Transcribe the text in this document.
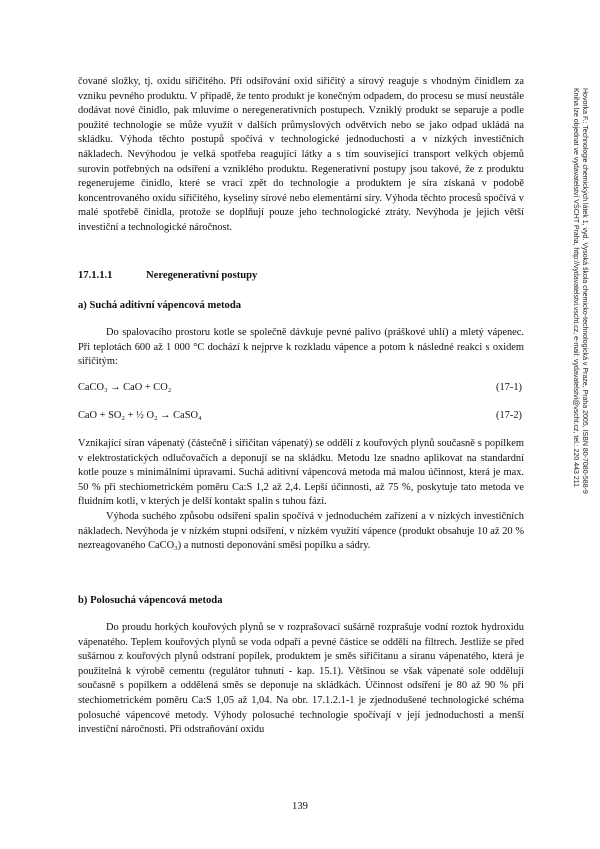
Hovorka F.: Technologie chemických látek 1, vyd. Vysoká škola chemicko-technologická v Praze, Praha 2005, ISBN 80-7080-588-9
Kniha lze objednat ve vydavatelství VŠCHT Praha, http://vydavatelstvi.vscht.cz, e-mail: vydavatelstvi@vscht.cz, tel.: 220 443 211

čované složky, tj. oxidu siřičitého. Při odsiřování oxid siřičitý a sírový reaguje s vhodným činidlem za vzniku pevného produktu. V případě, že tento produkt je konečným odpadem, do procesu se musí neustále dodávat nové činidlo, pak mluvíme o neregenerativních postupech. Vzniklý produkt se separuje a podle použité technologie se může využít v dalších průmyslových odvětvích nebo se jako odpad ukládá na skládku. Výhoda těchto postupů spočívá v technologické jednoduchosti a v nízkých investičních nákladech. Nevýhodou je velká spotřeba reagující látky a s tím související transport velkých objemů surovin potřebných na odsíření a vzniklého produktu. Regenerativní postupy jsou takové, že z produktu regenerujeme činidlo, které se vrací zpět do technologie a produktem je síra získaná v podobě koncentrovaného oxidu siřičitého, kyseliny sírové nebo elementární síry. Výhoda těchto procesů spočívá v malé spotřebě činidla, protože se doplňují pouze jeho technologické ztráty. Nevýhoda je jejich větší investiční a technologické náročnost.

17.1.1.1	Neregenerativní postupy
a) Suchá aditivní vápencová metoda

Do spalovacího prostoru kotle se společně dávkuje pevné palivo (práškové uhlí) a mletý vápenec. Při teplotách 600 až 1 000 °C dochází k nejprve k rozkladu vápence a potom k následné reakci s oxidem siřičitým:

CaCO₃ → CaO + CO₂	(17-1)
CaO + SO₂ + ½ O₂ → CaSO₄	(17-2)

Vznikající síran vápenatý (částečně i siřičitan vápenatý) se oddělí z kouřových plynů současně s popílkem v elektrostatických odlučovačích a deponují se na skládku. Metodu lze snadno aplikovat na standardní kotle pouze s minimálními úpravami. Suchá aditivní vápencová metoda má malou účinnost, která je max. 50 % při stechiometrickém poměru Ca:S 1,2 až 2,4. Lepší účinnosti, až 75 %, poskytuje tato metoda ve fluidním kotli, v kterých je delší kontakt spalin s tuhou fází.

Výhoda suchého způsobu odsíření spalin spočívá v jednoduchém zařízení a v nízkých investičních nákladech. Nevýhoda je v nízkém stupni odsíření, v nízkém využití vápence (produkt obsahuje 10 až 20 % nezreagovaného CaCO₃) a nutnosti deponování směsi popílku a sádry.

b) Polosuchá vápencová metoda

Do proudu horkých kouřových plynů se v rozprašovací sušárně rozprašuje vodní roztok hydroxidu vápenatého. Teplem kouřových plynů se voda odpaří a pevné částice se oddělí na filtrech. Jestliže se před sušárnou z kouřových plynů odstraní popílek, produktem je směs siřičitanu a síranu vápenatého, která je použitelná k výrobě cementu (regulátor tuhnutí - kap. 15.1). Většinou se však vápenaté sole oddělují současně s popílkem a oddělená směs se deponuje na skládkách. Účinnost odsíření je 80 až 90 % při stechiometrickém poměru Ca:S 1,05 až 1,04. Na obr. 17.1.2.1-1 je zjednodušené technologické schéma polosuché vápencové metody. Výhody polosuché technologie spočívají v její jednoduchosti a menší investiční náročnosti. Při odstraňování oxidu

139
